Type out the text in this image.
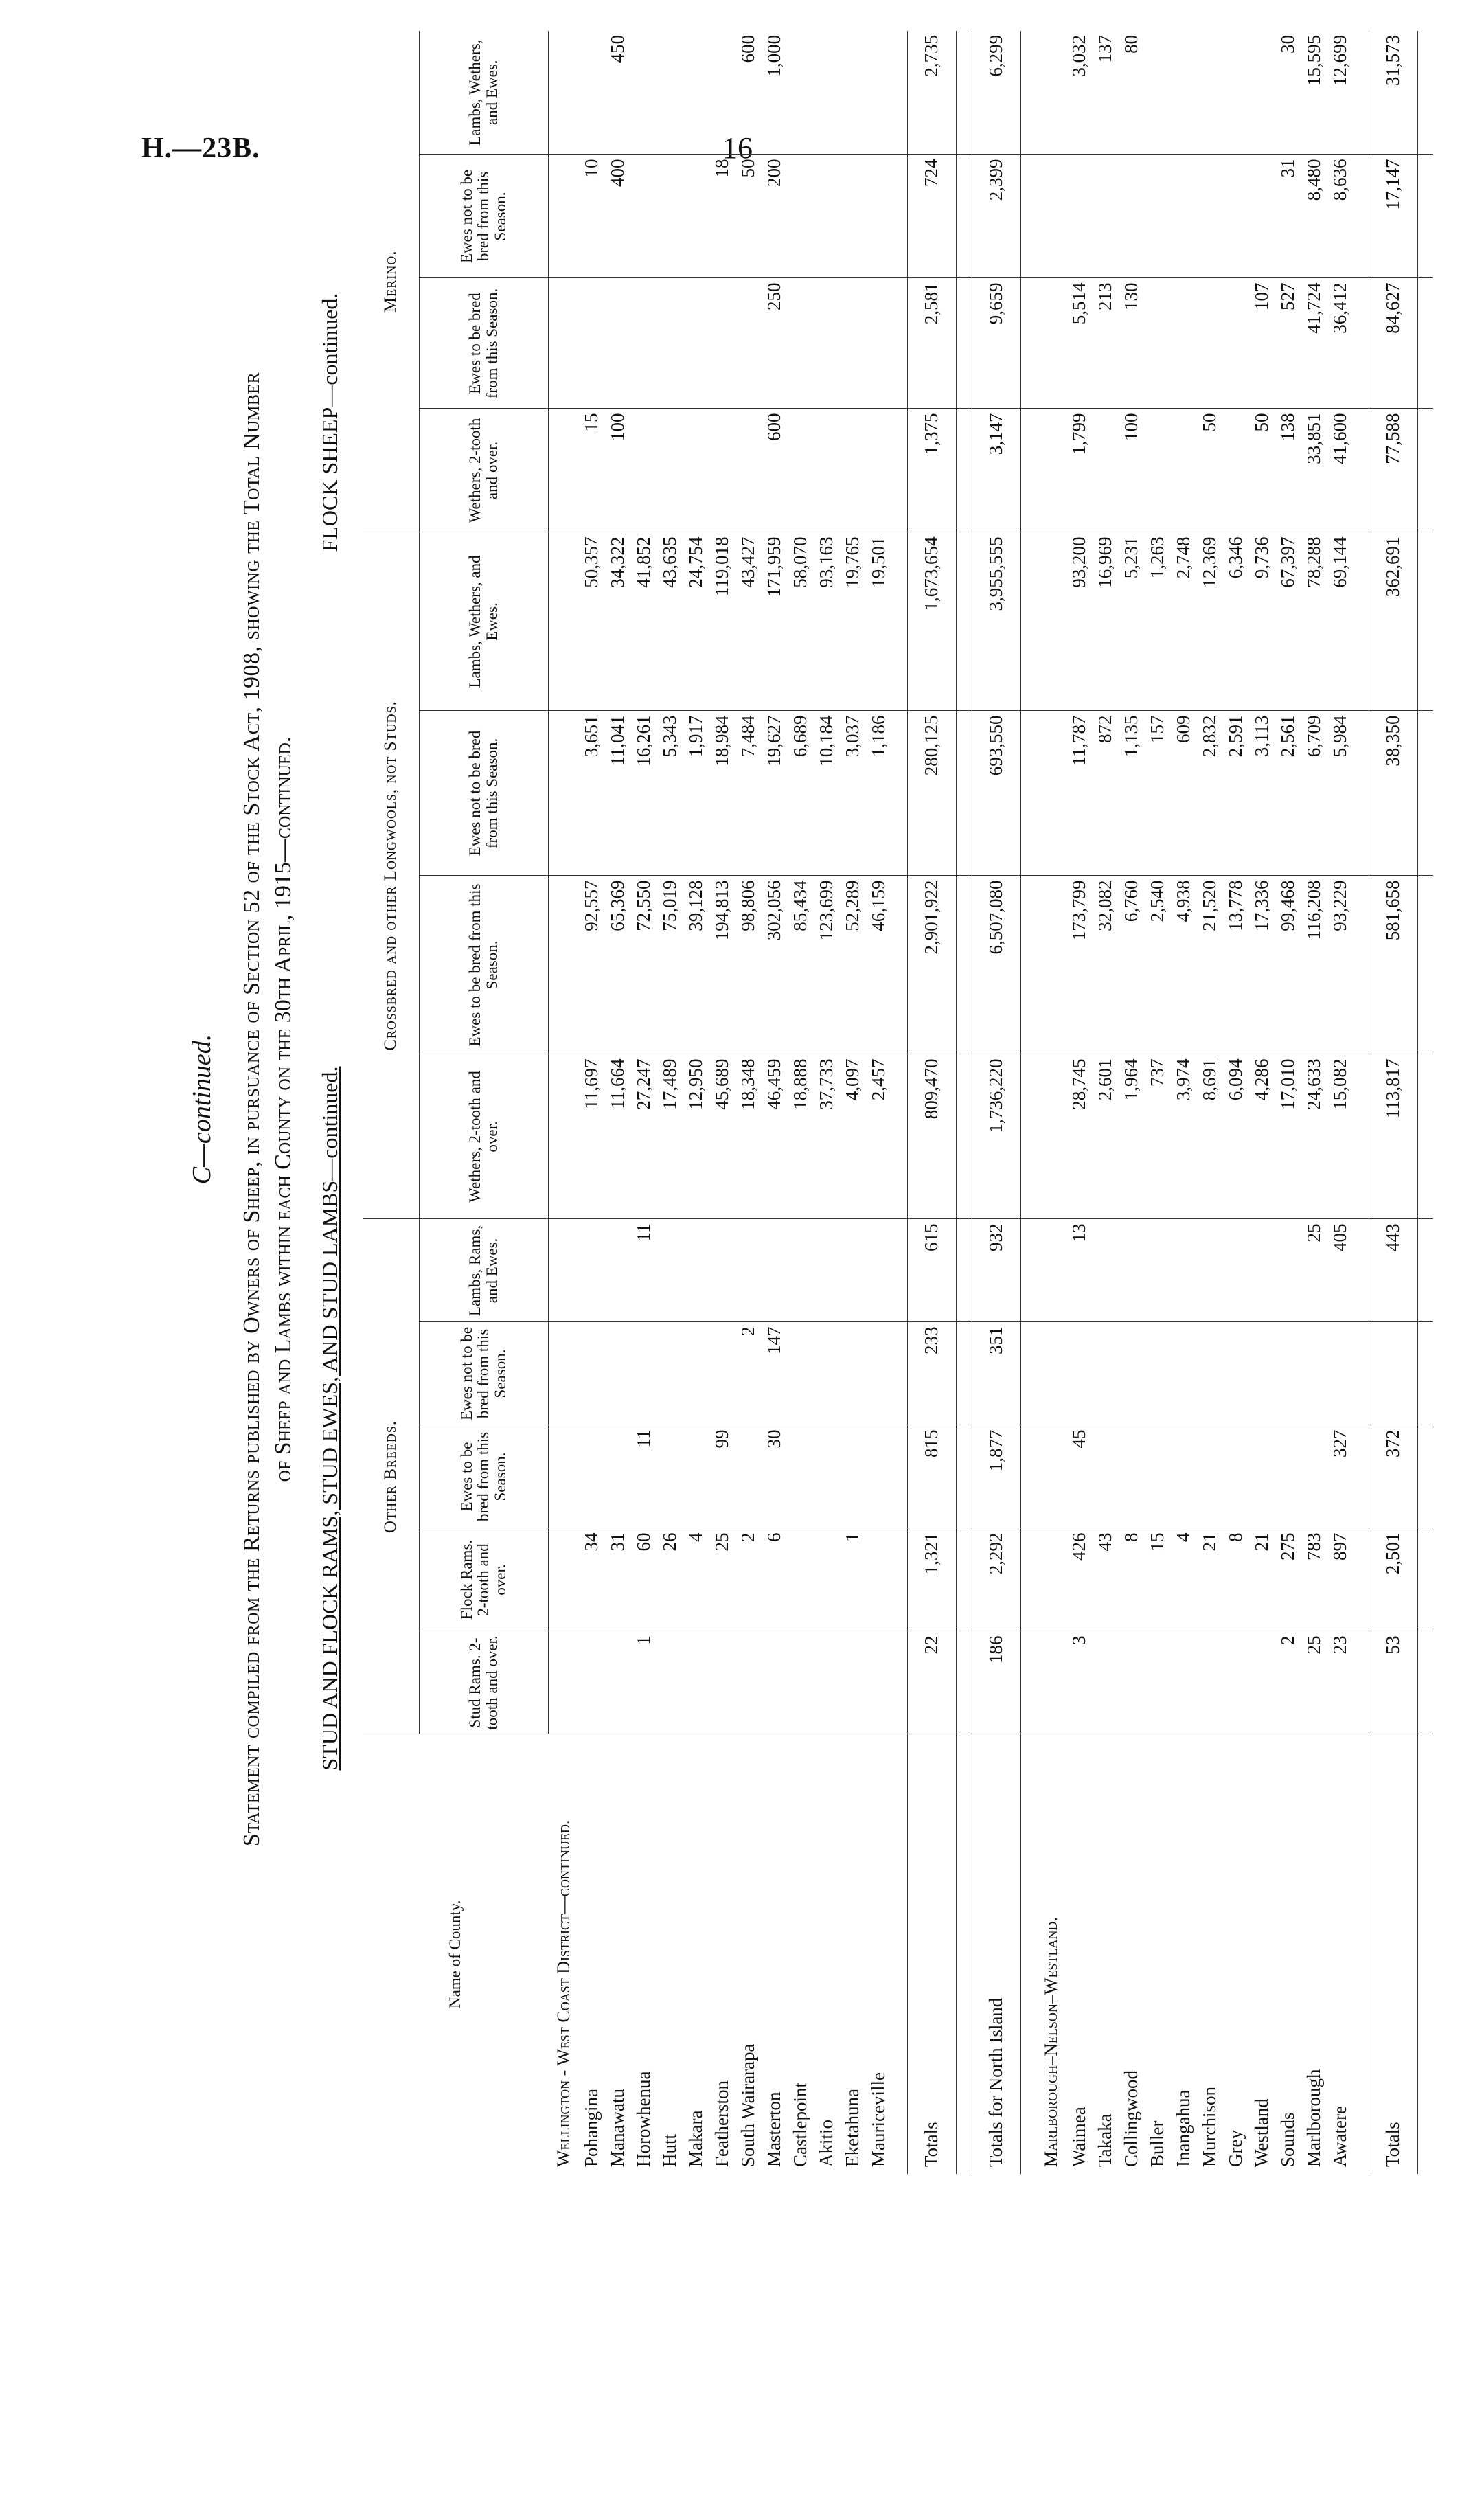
H.—23B.	16
C—continued. Statement compiled from the Returns published by Owners of Sheep, in pursuance of Section 52 of the Stock Act, 1908, showing the Total Number of Sheep and Lambs within each County on the 30th April, 1915—continued. STUD AND FLOCK RAMS, STUD EWES, AND STUD LAMBS—continued.
FLOCK SHEEP—continued.
Name of County.	Other Breeds.					Crossbred and other Longwools, not Studs.				Merino.			
	Stud Rams. 2-tooth and over.	Flock Rams. 2-tooth and over.	Ewes to be bred from this Season.	Ewes not to be bred from this Season.	Lambs, Rams, and Ewes.	Wethers, 2-tooth and over.	Ewes to be bred from this Season.	Ewes not to be bred from this Season.	Lambs, Wethers, and Ewes.	Wethers, 2-tooth and over.	Ewes to be bred from this Season.	Ewes not to be bred from this Season.	Lambs, Wethers, and Ewes.
Wellington - West Coast District—continued.													
Pohangina		34				11,697	92,557	3,651	50,357	15		10	
Manawatu		31				11,664	65,369	11,041	34,322	100		400	450
Horowhenua	1	60	11		11	27,247	72,550	16,261	41,852				
Hutt		26				17,489	75,019	5,343	43,635				
Makara		4				12,950	39,128	1,917	24,754				
Featherston		25	99			45,689	194,813	18,984	119,018			18	
South Wairarapa		2		2		18,348	98,806	7,484	43,427			50	600
Masterton		6	30	147		46,459	302,056	19,627	171,959	600	250	200	1,000
Castlepoint						18,888	85,434	6,689	58,070				
Akitio						37,733	123,699	10,184	93,163				
Eketahuna		1				4,097	52,289	3,037	19,765				
Mauriceville						2,457	46,159	1,186	19,501				

Totals	22	1,321	815	233	615	809,470	2,901,922	280,125	1,673,654	1,375	2,581	724	2,735

Totals for North Island	186	2,292	1,877	351	932	1,736,220	6,507,080	693,550	3,955,555	3,147	9,659	2,399	6,299

Marlborough–Nelson–Westland.													
Waimea	3	426	45		13	28,745	173,799	11,787	93,200	1,799	5,514		3,032
Takaka		43				2,601	32,082	872	16,969		213		137
Collingwood		8				1,964	6,760	1,135	5,231	100	130		80
Buller		15				737	2,540	157	1,263				
Inangahua		4				3,974	4,938	609	2,748				
Murchison		21				8,691	21,520	2,832	12,369	50			
Grey		8				6,094	13,778	2,591	6,346				
Westland		21				4,286	17,336	3,113	9,736	50	107		
Sounds	2	275				17,010	99,468	2,561	67,397	138	527	31	30
Marlborough	25	783			25	24,633	116,208	6,709	78,288	33,851	41,724	8,480	15,595
Awatere	23	897	327		405	15,082	93,229	5,984	69,144	41,600	36,412	8,636	12,699

Totals	53	2,501	372		443	113,817	581,658	38,350	362,691	77,588	84,627	17,147	31,573
